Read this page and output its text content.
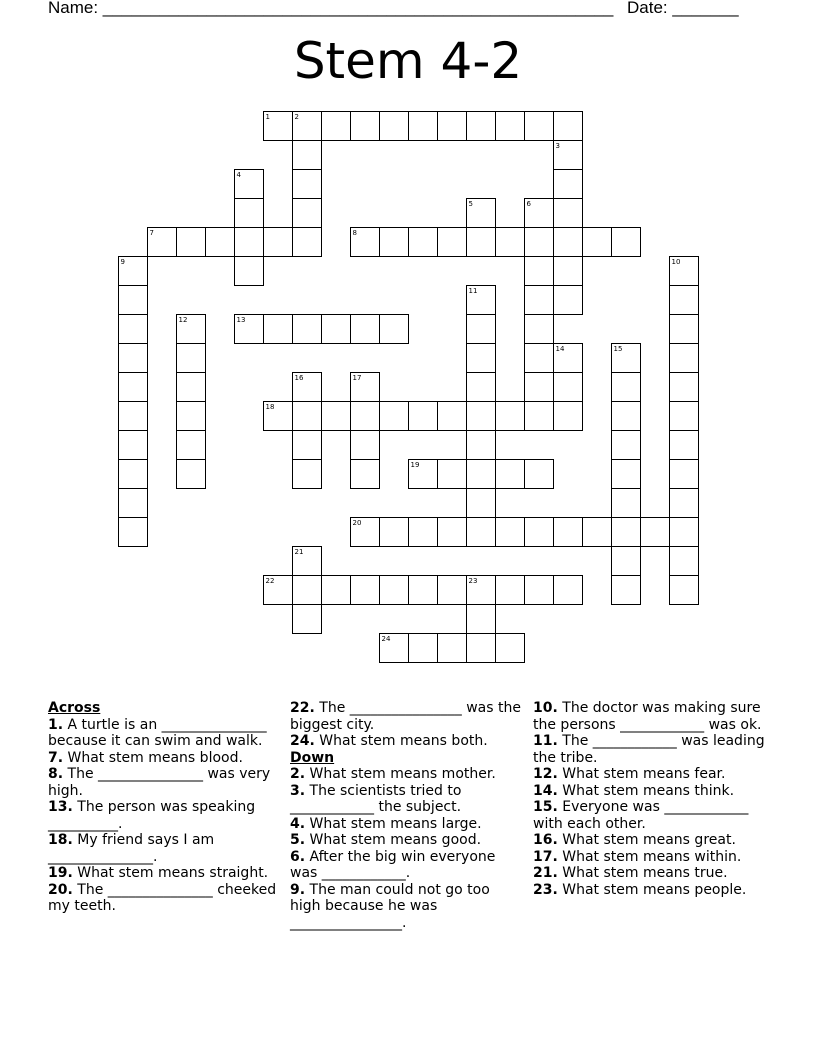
Name: ______________________________________________________ Date: _______
Stem 4-2
1	2
3
4
5	6
7	8
9	10
11
12	13
14	15
16	17
18
19
20
21
22	23
24
Across
1. A turtle is an _______________ because it can swim and walk.
7. What stem means blood.
8. The _______________ was very high.
13. The person was speaking __________.
18. My friend says I am _______________.
19. What stem means straight.
20. The _______________ cheeked my teeth.
22. The ________________ was the biggest city.
24. What stem means both.
Down
2. What stem means mother.
3. The scientists tried to ____________ the subject.
4. What stem means large.
5. What stem means good.
6. After the big win everyone was ____________.
9. The man could not go too high because he was ________________.
10. The doctor was making sure the persons ____________ was ok.
11. The ____________ was leading the tribe.
12. What stem means fear.
14. What stem means think.
15. Everyone was ____________ with each other.
16. What stem means great.
17. What stem means within.
21. What stem means true.
23. What stem means people.
